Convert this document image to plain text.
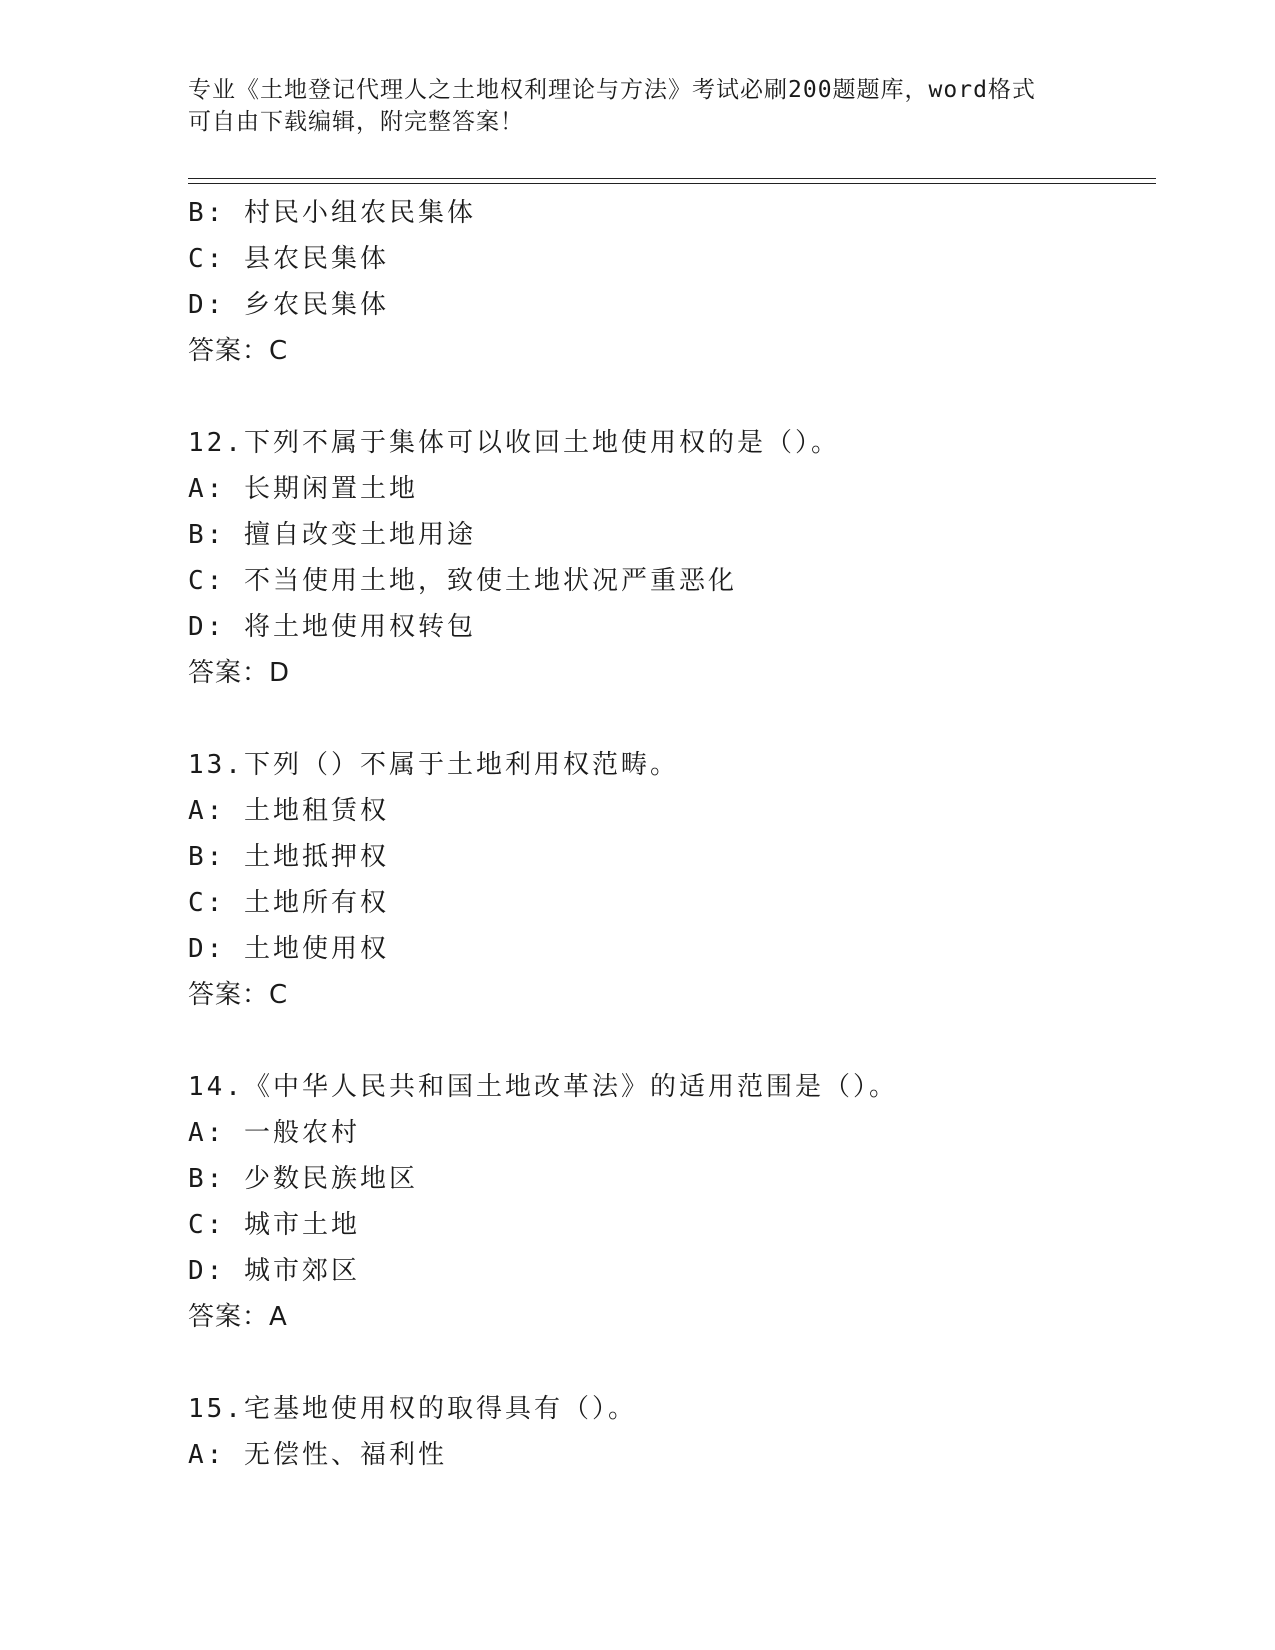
专业《土地登记代理人之土地权利理论与方法》考试必刷200题题库，word格式
可自由下载编辑，附完整答案！
B: 村民小组农民集体
C: 县农民集体
D: 乡农民集体
答案：C
12.下列不属于集体可以收回土地使用权的是（）。
A: 长期闲置土地
B: 擅自改变土地用途
C: 不当使用土地，致使土地状况严重恶化
D: 将土地使用权转包
答案：D
13.下列（）不属于土地利用权范畴。
A: 土地租赁权
B: 土地抵押权
C: 土地所有权
D: 土地使用权
答案：C
14.《中华人民共和国土地改革法》的适用范围是（）。
A: 一般农村
B: 少数民族地区
C: 城市土地
D: 城市郊区
答案：A
15.宅基地使用权的取得具有（）。
A: 无偿性、福利性
